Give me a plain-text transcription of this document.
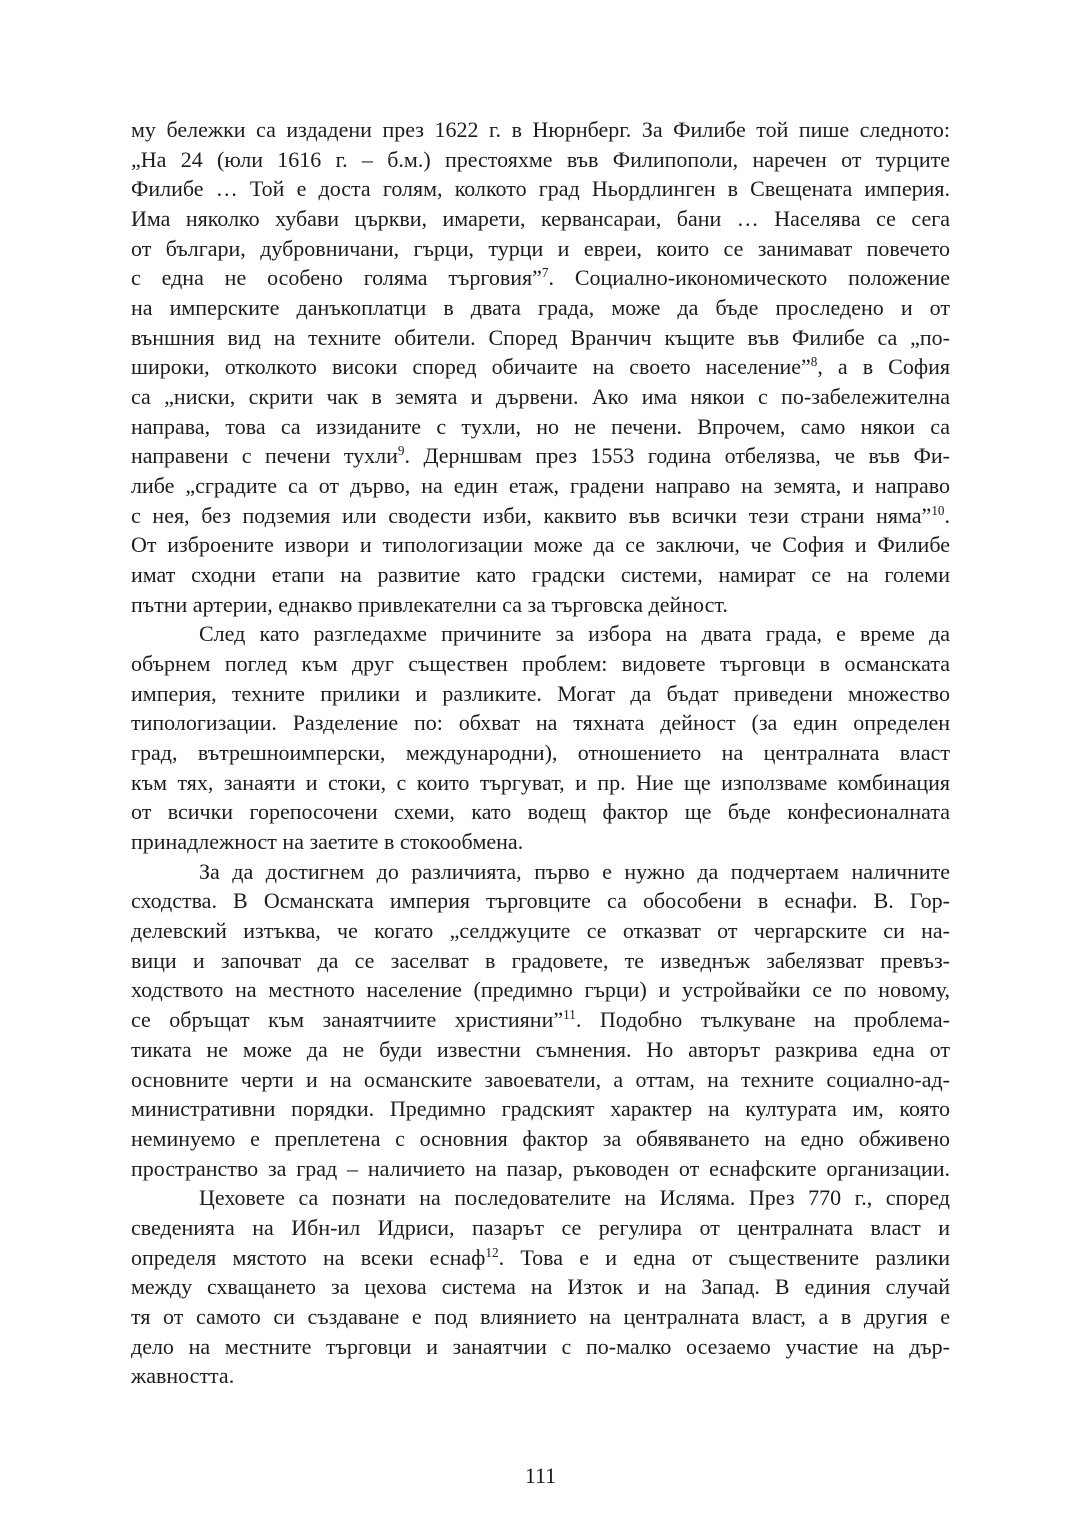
му бележки са издадени през 1622 г. в Нюрнберг. За Филибе той пише следното:
„На 24 (юли 1616 г. – б.м.) престояхме във Филипополи, наречен от турците
Филибе … Той е доста голям, колкото град Ньордлинген в Свещената империя.
Има няколко хубави църкви, имарети, кервансараи, бани … Населява се сега
от българи, дубровничани, гърци, турци и евреи, които се занимават повечето
с една не особено голяма търговия”$^7$. Социално-икономическото положение
на имперските данъкоплатци в двата града, може да бъде проследено и от
външния вид на техните обители. Според Вранчич къщите във Филибе са „по-
широки, отколкото високи според обичаите на своето население”$^8$, а в София
са „ниски, скрити чак в земята и дървени. Ако има някои с по-забележителна
направа, това са иззиданите с тухли, но не печени. Впрочем, само някои са
направени с печени тухли$^9$. Дерншвам през 1553 година отбелязва, че във Фи-
либе „сградите са от дърво, на един етаж, градени направо на земята, и направо
с нея, без подземия или сводести изби, каквито във всички тези страни няма”$^{10}$.
От изброените извори и типологизации може да се заключи, че София и Филибе
имат сходни етапи на развитие като градски системи, намират се на големи
пътни артерии, еднакво привлекателни са за търговска дейност.
След като разгледахме причините за избора на двата града, е време да
обърнем поглед към друг съществен проблем: видовете търговци в османската
империя, техните прилики и разликите. Могат да бъдат приведени множество
типологизации. Разделение по: обхват на тяхната дейност (за един определен
град, вътрешноимперски, международни), отношението на централната власт
към тях, занаяти и стоки, с които търгуват, и пр. Ние ще използваме комбинация
от всички горепосочени схеми, като водещ фактор ще бъде конфесионалната
принадлежност на заетите в стокообмена.
За да достигнем до различията, първо е нужно да подчертаем наличните
сходства. В Османската империя търговците са обособени в еснафи. В. Гор-
делевский изтъква, че когато „селджуците се отказват от чергарските си на-
вици и започват да се заселват в градовете, те изведнъж забелязват превъз-
ходството на местното население (предимно гърци) и устройвайки се по новому,
се обръщат към занаятчиите християни”$^{11}$. Подобно тълкуване на проблема-
тиката не може да не буди известни съмнения. Но авторът разкрива една от
основните черти и на османските завоеватели, а оттам, на техните социално-ад-
министративни порядки. Предимно градският характер на културата им, която
неминуемо е преплетена с основния фактор за обявяването на едно обживено
пространство за град – наличието на пазар, ръководен от еснафските организации.
Цеховете са познати на последователите на Исляма. През 770 г., според
сведенията на Ибн-ил Идриси, пазарът се регулира от централната власт и
определя мястото на всеки еснаф$^{12}$. Това е и една от съществените разлики
между схващането за цехова система на Изток и на Запад. В единия случай
тя от самото си създаване е под влиянието на централната власт, а в другия е
дело на местните търговци и занаятчии с по-малко осезаемо участие на дър-
жавността.
111
